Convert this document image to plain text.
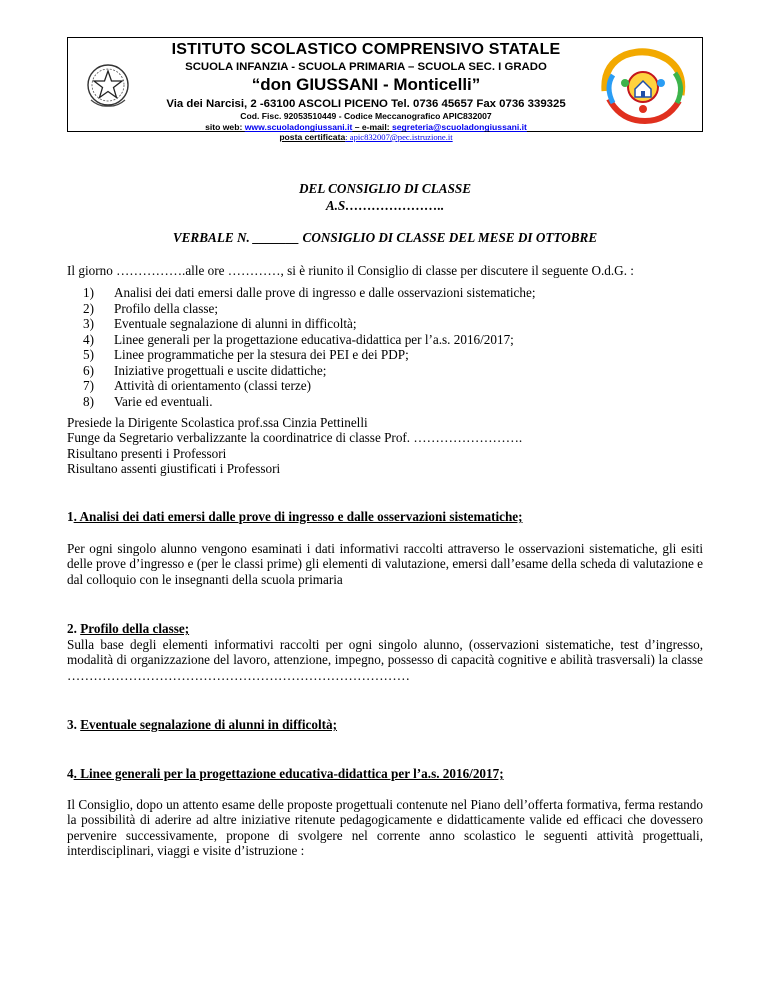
ISTITUTO SCOLASTICO COMPRENSIVO STATALE
SCUOLA INFANZIA - SCUOLA PRIMARIA – SCUOLA SEC. I GRADO
“don GIUSSANI - Monticelli”
Via dei Narcisi, 2 -63100 ASCOLI PICENO Tel. 0736 45657 Fax 0736 339325
Cod. Fisc. 92053510449 - Codice Meccanografico APIC832007
sito web: www.scuoladongiussani.it – e-mail: segreteria@scuoladongiussani.it
posta certificata: apic832007@pec.istruzione.it
DEL CONSIGLIO DI CLASSE
A.S…………………..
VERBALE N. _______ CONSIGLIO DI CLASSE DEL MESE DI OTTOBRE
Il giorno …………….alle ore …………, si è riunito il Consiglio di classe per discutere il seguente O.d.G. :
1) Analisi dei dati emersi dalle prove di ingresso e dalle osservazioni sistematiche;
2) Profilo della classe;
3) Eventuale segnalazione di alunni in difficoltà;
4) Linee generali per la progettazione educativa-didattica per l’a.s. 2016/2017;
5) Linee programmatiche per la stesura dei PEI e dei PDP;
6) Iniziative progettuali e uscite didattiche;
7) Attività di orientamento (classi terze)
8) Varie ed eventuali.
Presiede la Dirigente Scolastica prof.ssa Cinzia Pettinelli
Funge da Segretario verbalizzante la coordinatrice di classe Prof. …………………….
Risultano presenti i Professori
Risultano assenti giustificati i Professori
1. Analisi dei dati emersi dalle prove di ingresso e dalle osservazioni sistematiche;
Per ogni singolo alunno vengono esaminati i dati informativi raccolti attraverso le osservazioni sistematiche, gli esiti delle prove d’ingresso e (per le classi prime) gli elementi di valutazione, emersi dall’esame della scheda di valutazione e dal colloquio con le insegnanti della scuola primaria
2. Profilo della classe;
Sulla base degli elementi informativi raccolti per ogni singolo alunno, (osservazioni sistematiche, test d’ingresso, modalità di organizzazione del lavoro, attenzione, impegno, possesso di capacità cognitive e abilità trasversali) la classe ……………………………………………………………………
3. Eventuale segnalazione di alunni in difficoltà;
4. Linee generali per la progettazione educativa-didattica per l’a.s. 2016/2017;
Il Consiglio, dopo un attento esame delle proposte progettuali contenute nel Piano dell’offerta formativa, ferma restando la possibilità di aderire ad altre iniziative ritenute pedagogicamente e didatticamente valide ed efficaci che dovessero pervenire successivamente, propone di svolgere nel corrente anno scolastico le seguenti attività progettuali, interdisciplinari, viaggi e visite d’istruzione :
